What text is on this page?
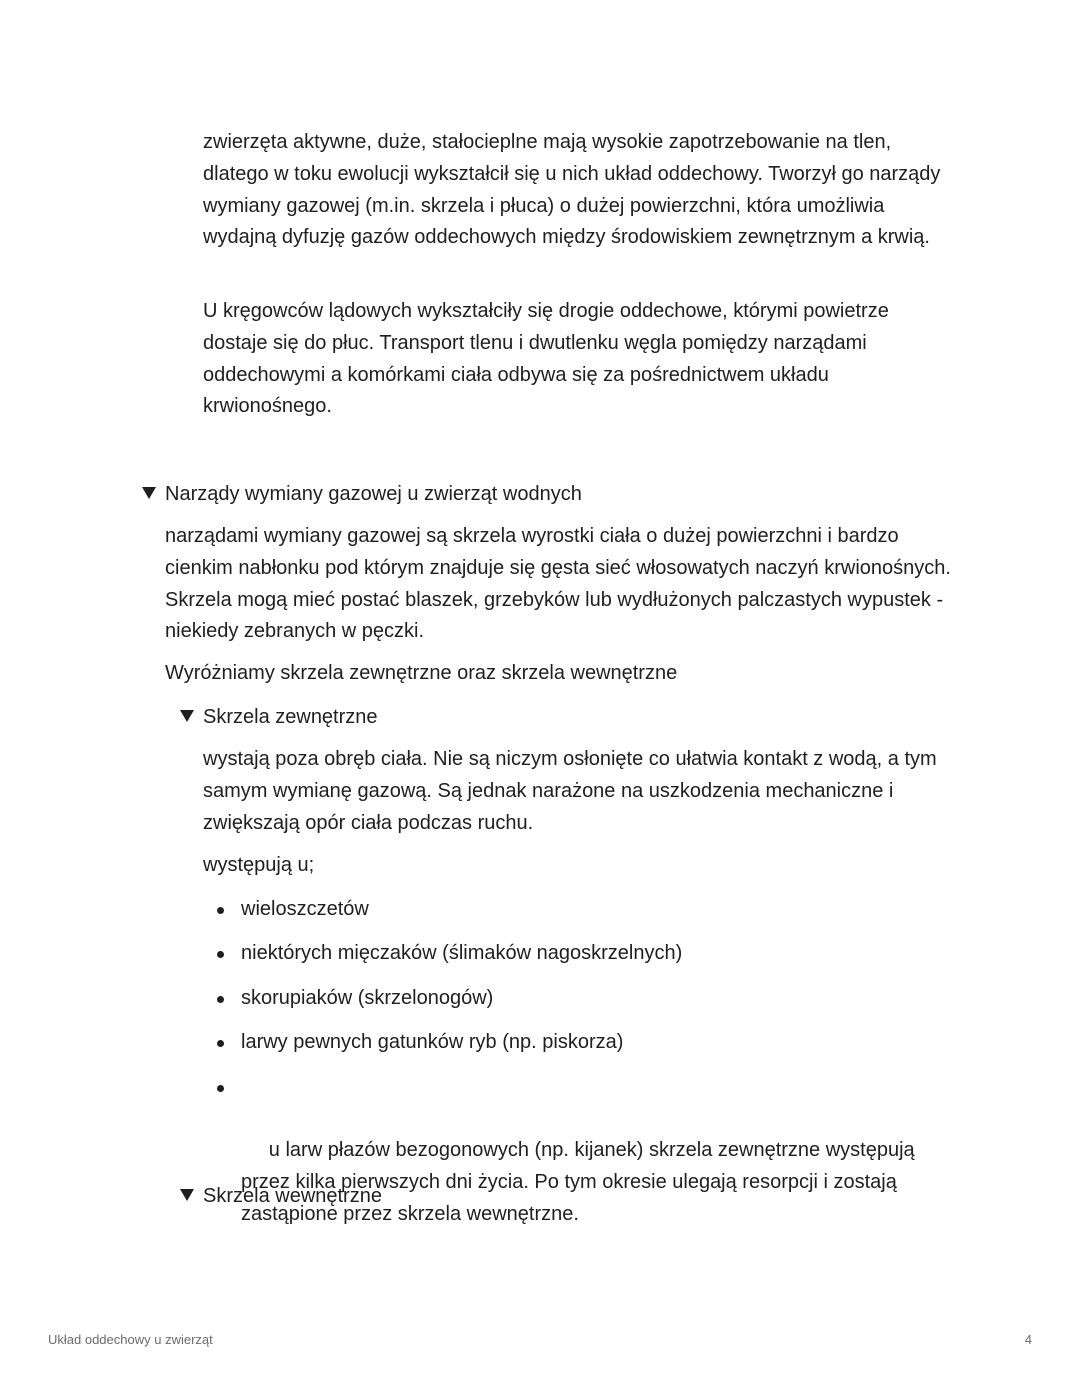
zwierzęta aktywne, duże, stałocieplne mają wysokie zapotrzebowanie na tlen, dlatego w toku ewolucji wykształcił się u nich układ oddechowy. Tworzył go narządy wymiany gazowej (m.in. skrzela i płuca) o dużej powierzchni, która umożliwia wydajną dyfuzję gazów oddechowych między środowiskiem zewnętrznym a krwią.

U kręgowców lądowych wykształciły się drogie oddechowe, którymi powietrze dostaje się do płuc. Transport tlenu i dwutlenku węgla pomiędzy narządami oddechowymi a komórkami ciała odbywa się za pośrednictwem układu krwionośnego.

Narządy wymiany gazowej u zwierząt wodnych

narządami wymiany gazowej są skrzela wyrostki ciała o dużej powierzchni i bardzo cienkim nabłonku pod którym znajduje się gęsta sieć włosowatych naczyń krwionośnych. Skrzela mogą mieć postać blaszek, grzebyków lub wydłużonych palczastych wypustek - niekiedy zebranych w pęczki.

Wyróżniamy skrzela zewnętrzne oraz skrzela wewnętrzne

Skrzela zewnętrzne

wystają poza obręb ciała. Nie są niczym osłonięte co ułatwia kontakt z wodą, a tym samym wymianę gazową. Są jednak narażone na uszkodzenia mechaniczne i zwiększają opór ciała podczas ruchu.

występują u;

wieloszczetów
niektórych mięczaków (ślimaków nagoskrzelnych)
skorupiaków (skrzelonogów)
larwy pewnych gatunków ryb (np. piskorza)

u larw płazów bezogonowych (np. kijanek) skrzela zewnętrzne występują przez kilka pierwszych dni życia. Po tym okresie ulegają resorpcji i zostają zastąpione przez skrzela wewnętrzne.

Skrzela wewnętrzne
Układ oddechowy u zwierząt	4
